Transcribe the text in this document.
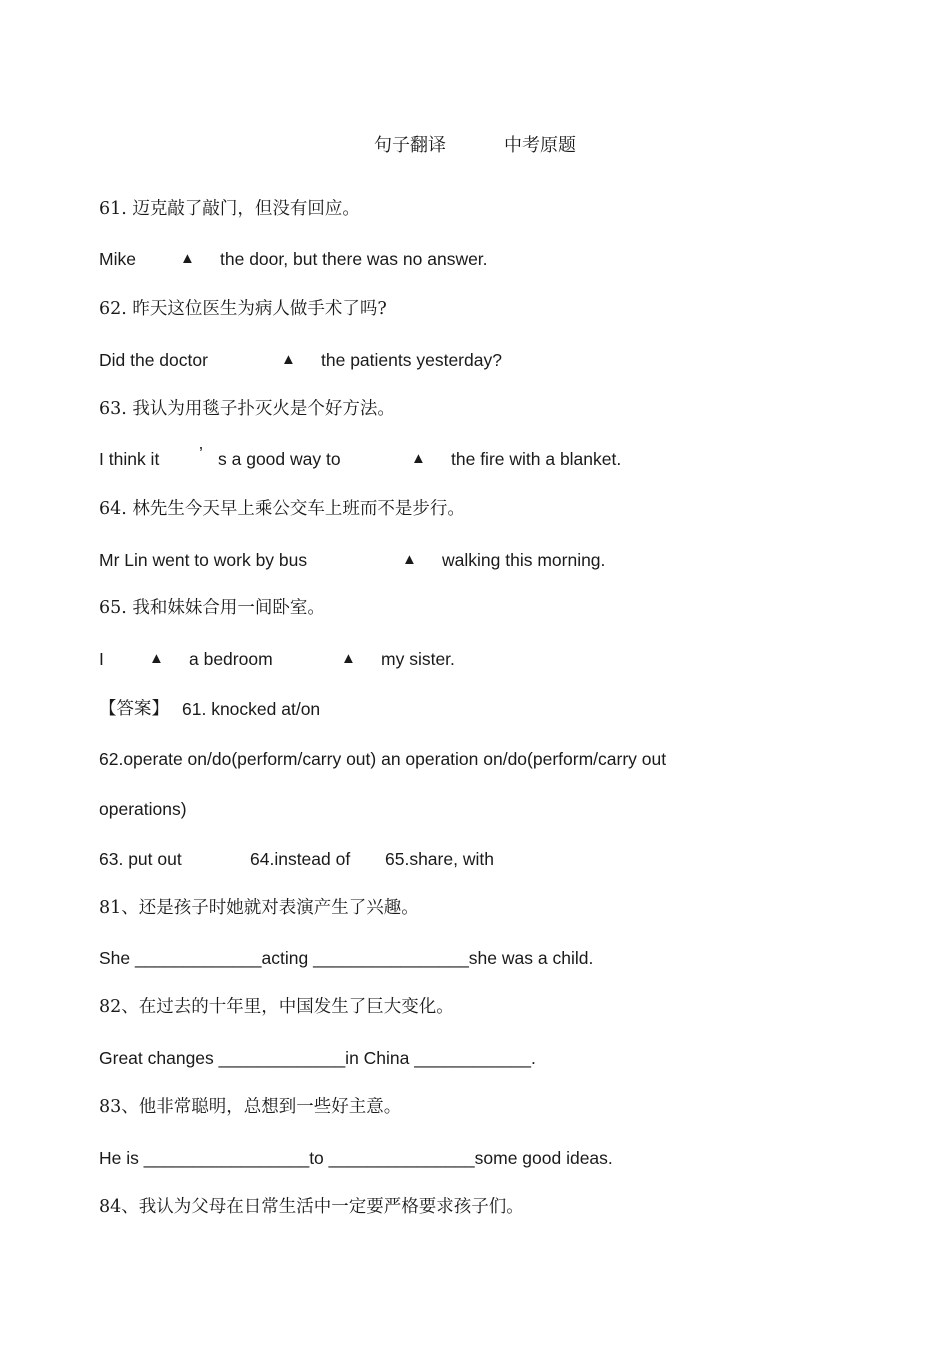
句子翻译	中考原题
61. 迈克敲了敲门，但没有回应。
Mike	▲ the door, but there was no answer.
62. 昨天这位医生为病人做手术了吗?
Did the doctor	▲ the patients yesterday?
63. 我认为用毯子扑灭火是个好方法。
I think it ’ s a good way to	▲ the fire with a blanket.
64. 林先生今天早上乘公交车上班而不是步行。
Mr Lin went to work by bus	▲ walking this morning.
65. 我和妹妹合用一间卧室。
I	▲ a bedroom	▲ my sister.
【答案】 61. knocked at/on
62.operate on/do(perform/carry out) an operation on/do(perform/carry out
operations)
63. put out	64.instead of 65.share, with
81、还是孩子时她就对表演产生了兴趣。
She _____________acting ________________she was a child.
82、在过去的十年里，中国发生了巨大变化。
Great changes _____________in China ____________.
83、他非常聪明，总想到一些好主意。
He is _________________to _______________some good ideas.
84、我认为父母在日常生活中一定要严格要求孩子们。
